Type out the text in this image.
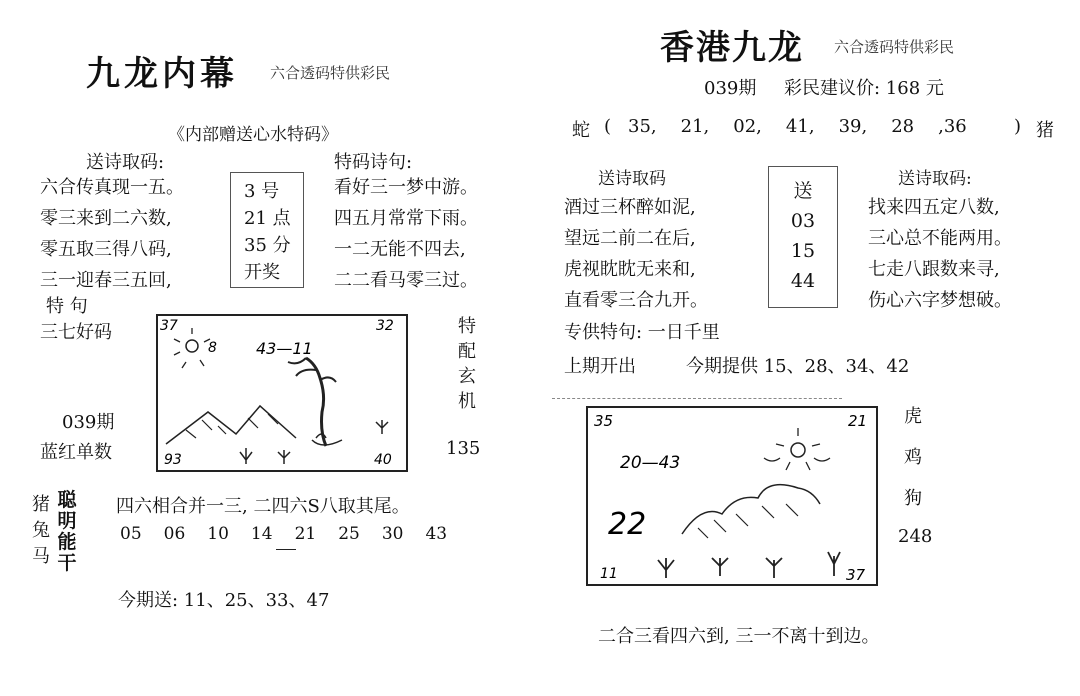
九龙内幕 六合透码特供彩民
《内部赠送心水特码》
送诗取码:	特码诗句:
六合传真现一五。
零三来到二六数,
零五取三得八码,
三一迎春三五回,
3 号
21 点
35 分
开奖
看好三一梦中游。
四五月常常下雨。
一二无能不四去,
二二看马零三过。
特 句
三七好码
039期
蓝红单数
37	32
93	40
43—11
8
特配玄机
135
猪
兔
马
聪明能干
四六相合并一三, 二四六S八取其尾。
05 06 10 14 21 25 30 43
今期送: 11、25、33、47
香港九龙 六合透码特供彩民
039期 彩民建议价: 168 元
蛇 ( 35, 21, 02, 41, 39, 28 ,36	) 猪
送诗取码	送诗取码:
酒过三杯醉如泥,
望远二前二在后,
虎视眈眈无来和,
直看零三合九开。
送
03
15
44
找来四五定八数,
三心总不能两用。
七走八跟数来寻,
伤心六字梦想破。
专供特句: 一日千里
上期开出	今期提供 15、28、34、42
35	21
11	37
20—43
22
虎
鸡
狗
248
二合三看四六到, 三一不离十到边。
